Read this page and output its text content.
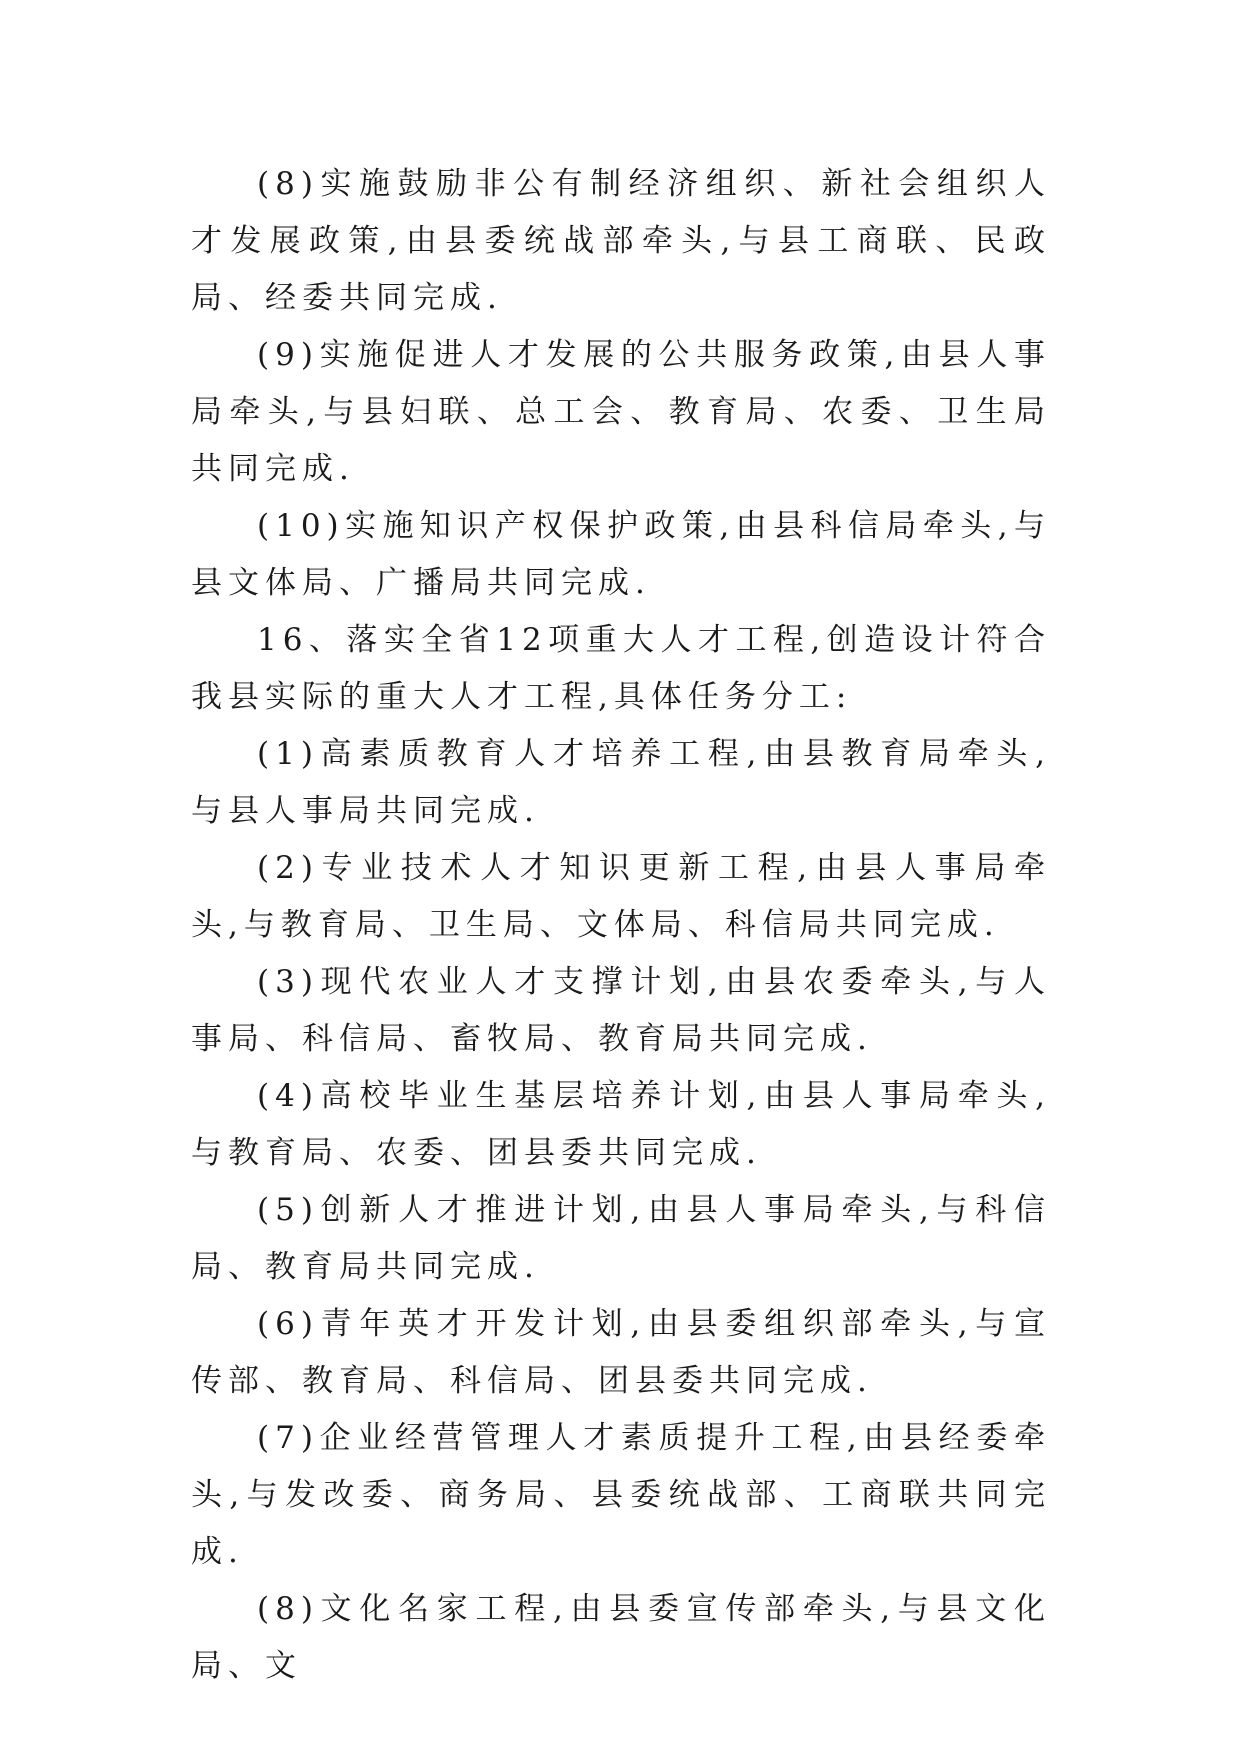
(8)实施鼓励非公有制经济组织、新社会组织人才发展政策,由县委统战部牵头,与县工商联、民政局、经委共同完成.

(9)实施促进人才发展的公共服务政策,由县人事局牵头,与县妇联、总工会、教育局、农委、卫生局共同完成.

(10)实施知识产权保护政策,由县科信局牵头,与县文体局、广播局共同完成.

16、落实全省12项重大人才工程,创造设计符合我县实际的重大人才工程,具体任务分工:

(1)高素质教育人才培养工程,由县教育局牵头,与县人事局共同完成.

(2)专业技术人才知识更新工程,由县人事局牵头,与教育局、卫生局、文体局、科信局共同完成.

(3)现代农业人才支撑计划,由县农委牵头,与人事局、科信局、畜牧局、教育局共同完成.

(4)高校毕业生基层培养计划,由县人事局牵头,与教育局、农委、团县委共同完成.

(5)创新人才推进计划,由县人事局牵头,与科信局、教育局共同完成.

(6)青年英才开发计划,由县委组织部牵头,与宣传部、教育局、科信局、团县委共同完成.

(7)企业经营管理人才素质提升工程,由县经委牵头,与发改委、商务局、县委统战部、工商联共同完成.

(8)文化名家工程,由县委宣传部牵头,与县文化局、文
